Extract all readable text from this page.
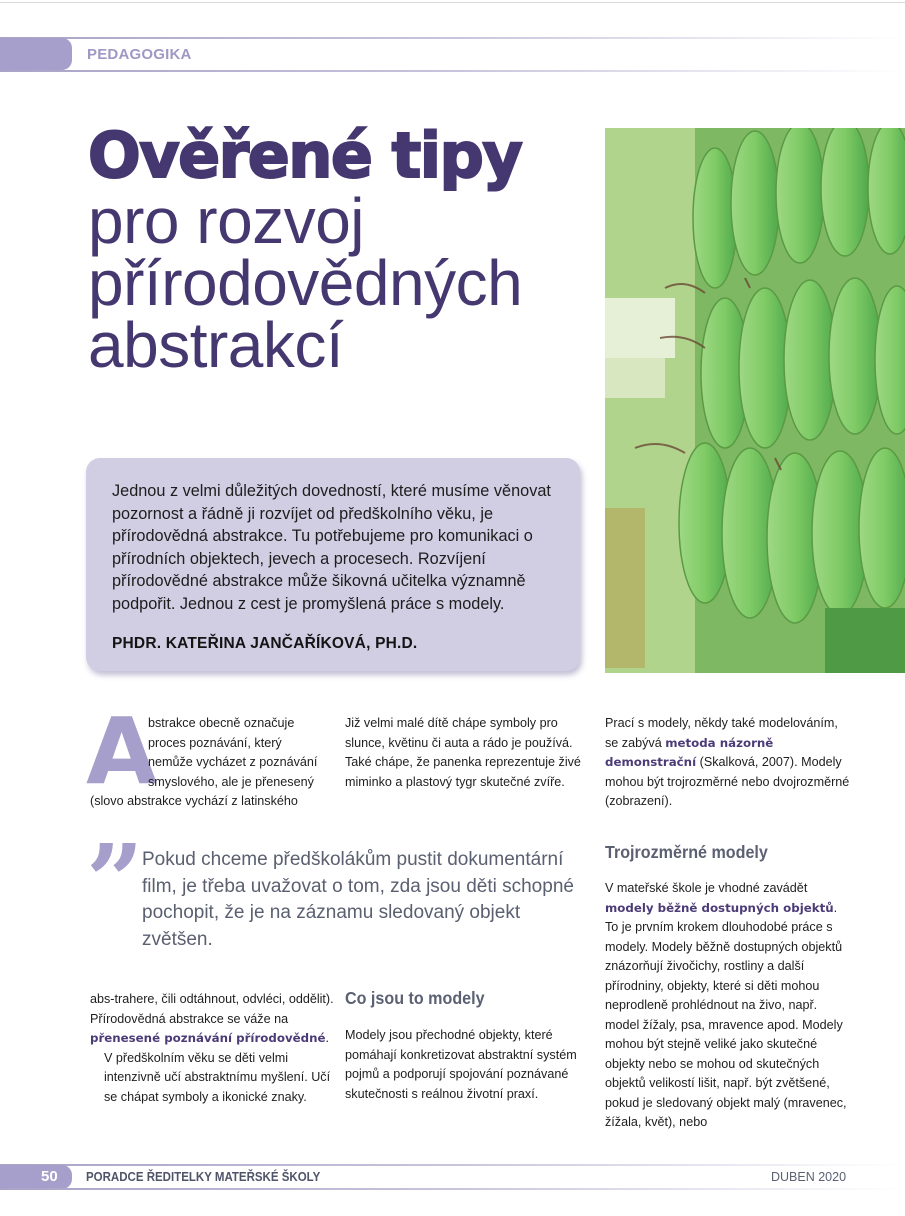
PEDAGOGIKA
Ověřené tipy
pro rozvoj
přírodovědných
abstrakcí

Jednou z velmi důležitých dovedností, které musíme věnovat pozornost a řádně ji rozvíjet od předškolního věku, je přírodovědná abstrakce. Tu potřebujeme pro komunikaci o přírodních objektech, jevech a procesech. Rozvíjení přírodovědné abstrakce může šikovná učitelka významně podpořit. Jednou z cest je promyšlená práce s modely.

PHDR. KATEŘINA JANČAŘÍKOVÁ, PH.D.
A
bstrakce obecně označuje
proces poznávání, který
nemůže vycházet z poznávání
smyslového, ale je přenesený
(slovo abstrakce vychází z latinského

Již velmi malé dítě chápe symboly pro slunce, květinu či auta a rádo je používá. Také chápe, že panenka reprezentuje živé miminko a plastový tygr skutečné zvíře.

Prací s modely, někdy také modelováním, se zabývá metoda názorně demonstrační (Skalková, 2007). Modely mohou být trojrozměrné nebo dvojrozměrné (zobrazení).

”
Pokud chceme předškolákům pustit dokumentární film, je třeba uvažovat o tom, zda jsou děti schopné pochopit, že je na záznamu sledovaný objekt zvětšen.
Co jsou to modely
Trojrozměrné modely

abs-trahere, čili odtáhnout, odvléci, oddělit). Přírodovědná abstrakce se váže na přenesené poznávání přírodovědné.

V předškolním věku se děti velmi intenzivně učí abstraktnímu myšlení. Učí se chápat symboly a ikonické znaky.

Modely jsou přechodné objekty, které pomáhají konkretizovat abstraktní systém pojmů a podporují spojování poznávané skutečnosti s reálnou životní praxí.

V mateřské škole je vhodné zavádět modely běžně dostupných objektů. To je prvním krokem dlouhodobé práce s modely. Modely běžně dostupných objektů znázorňují živočichy, rostliny a další přírodniny, objekty, které si děti mohou neprodleně prohlédnout na živo, např. model žížaly, psa, mravence apod. Modely mohou být stejně veliké jako skutečné objekty nebo se mohou od skutečných objektů velikostí lišit, např. být zvětšené, pokud je sledovaný objekt malý (mravenec, žížala, květ), nebo

50 PORADCE ŘEDITELKY MATEŘSKÉ ŠKOLY	DUBEN 2020
